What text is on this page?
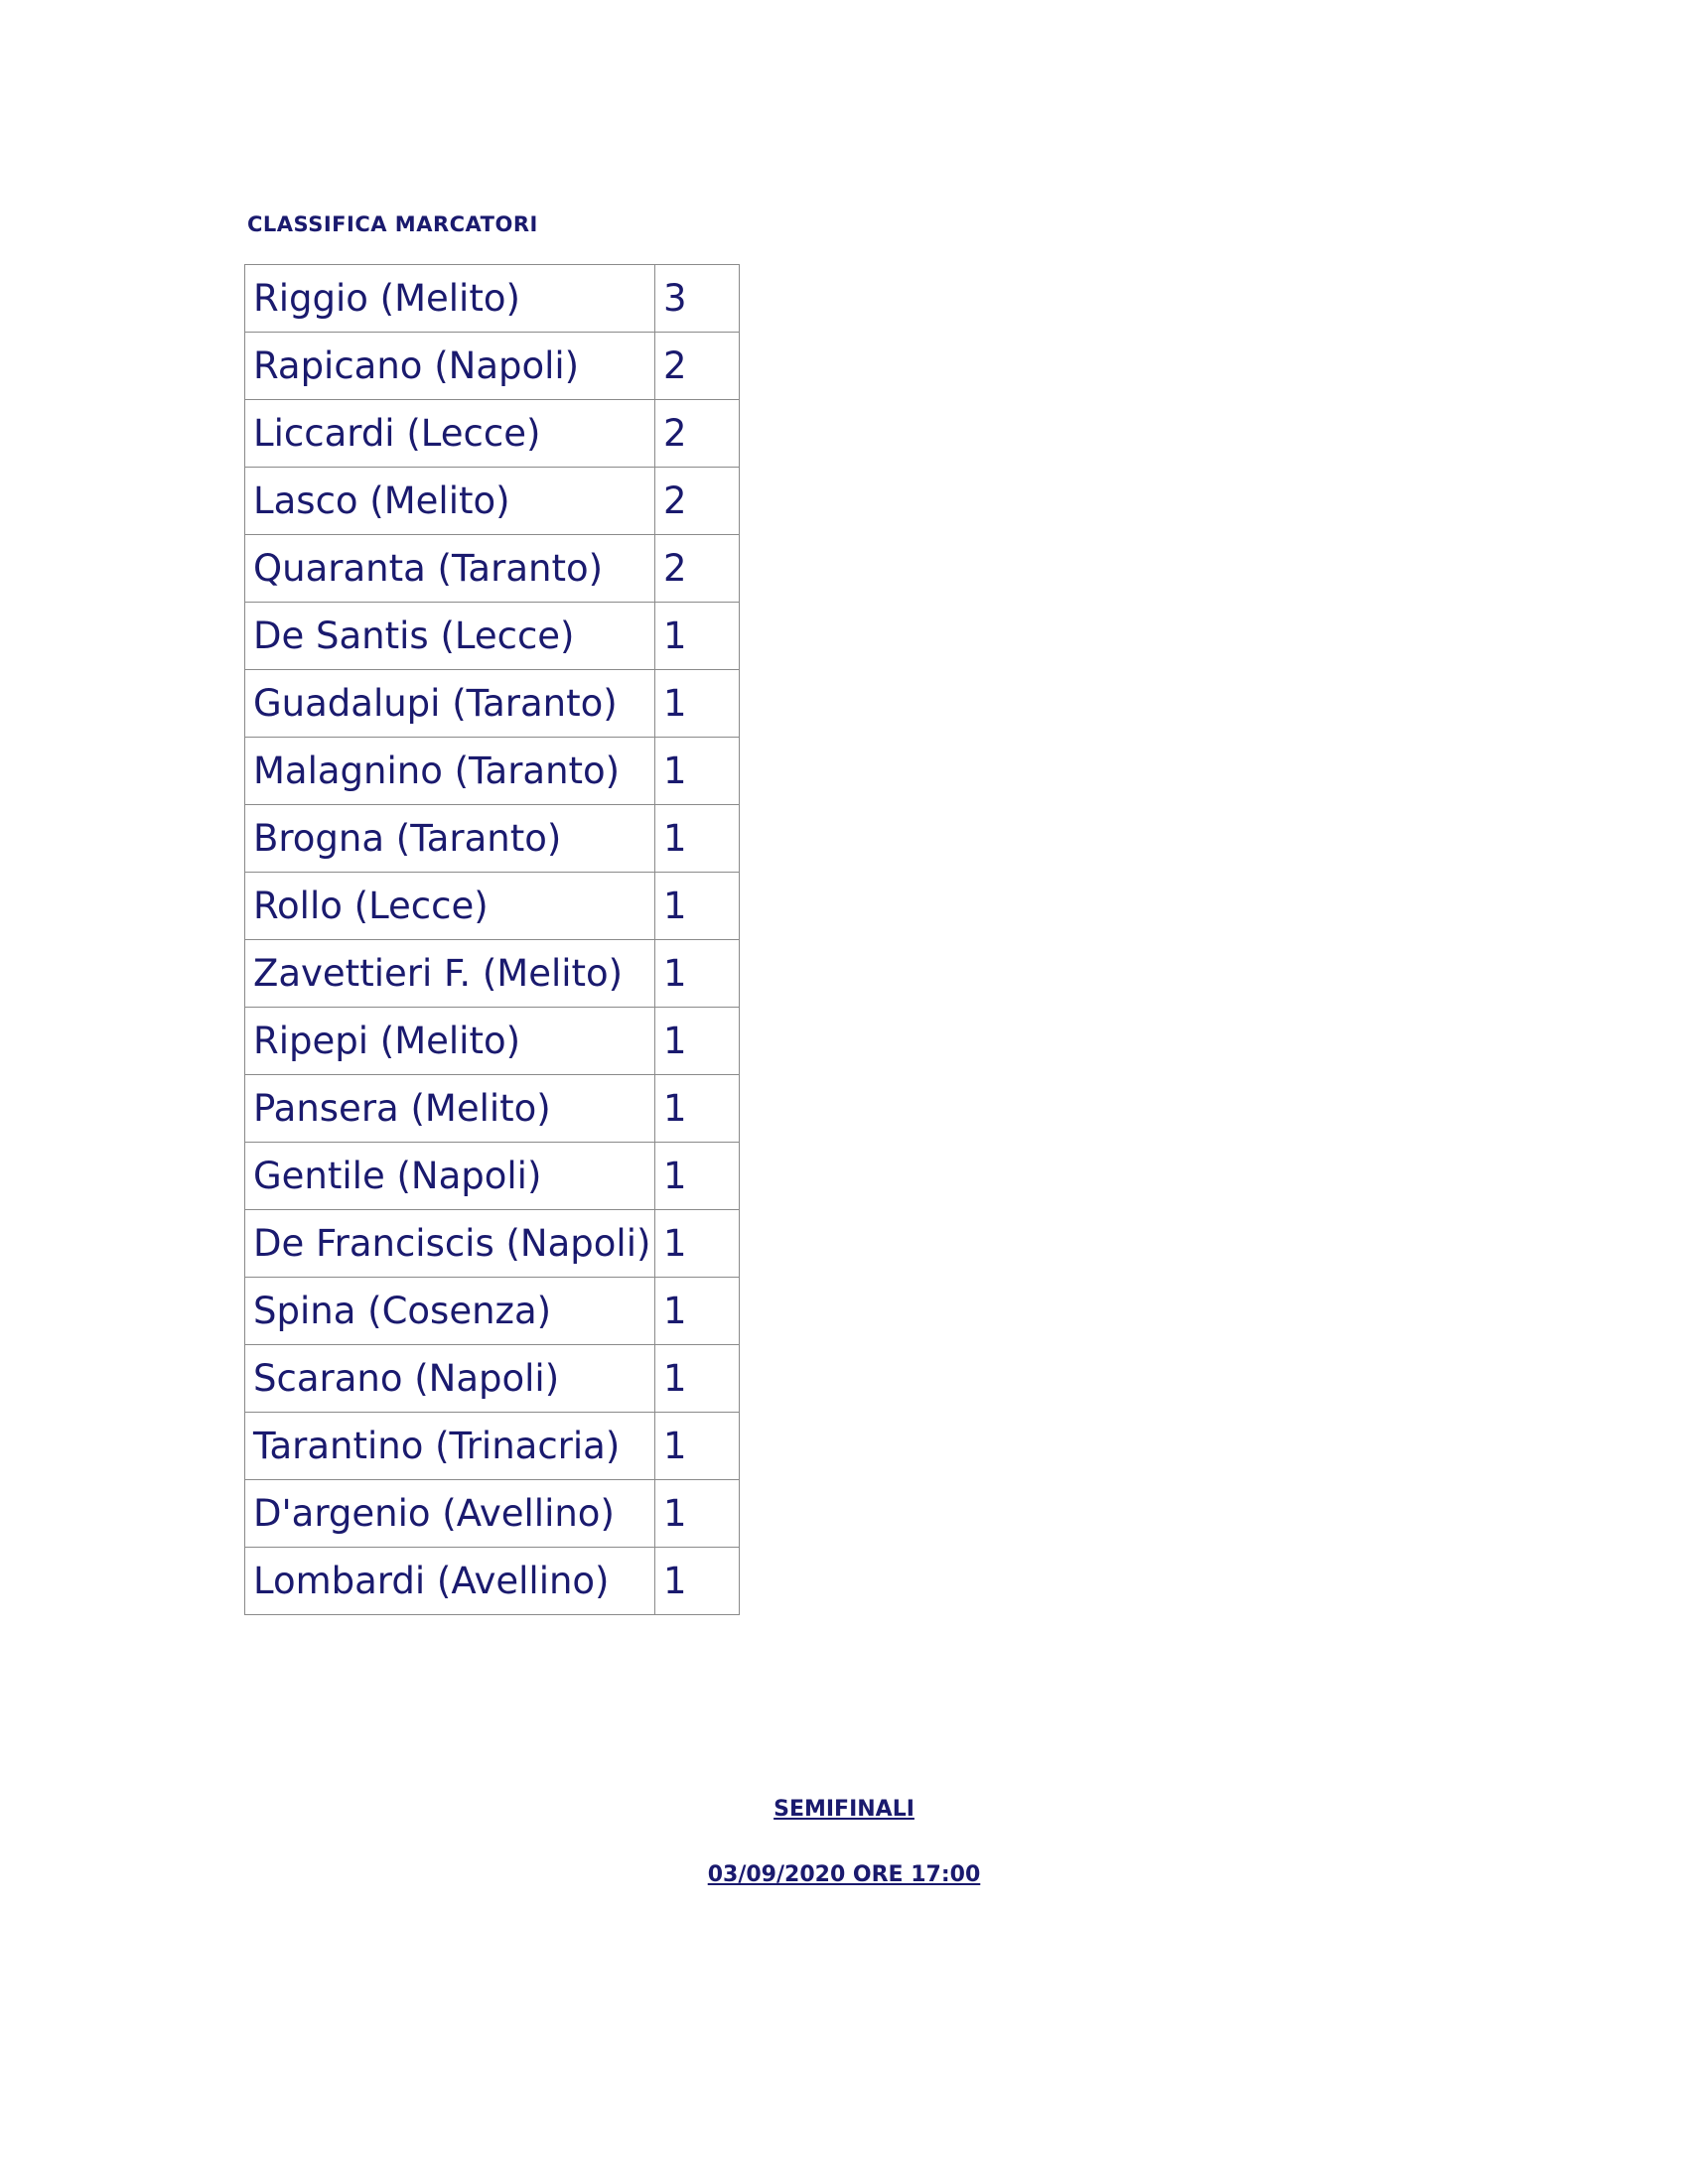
CLASSIFICA MARCATORI
Riggio (Melito)	3
Rapicano (Napoli)	2
Liccardi (Lecce)	2
Lasco (Melito)	2
Quaranta (Taranto)	2
De Santis (Lecce)	1
Guadalupi (Taranto)	1
Malagnino (Taranto)	1
Brogna (Taranto)	1
Rollo (Lecce)	1
Zavettieri F. (Melito)	1
Ripepi (Melito)	1
Pansera (Melito)	1
Gentile (Napoli)	1
De Franciscis (Napoli)	1
Spina (Cosenza)	1
Scarano (Napoli)	1
Tarantino (Trinacria)	1
D'argenio (Avellino)	1
Lombardi (Avellino)	1
SEMIFINALI
03/09/2020 ORE 17:00
